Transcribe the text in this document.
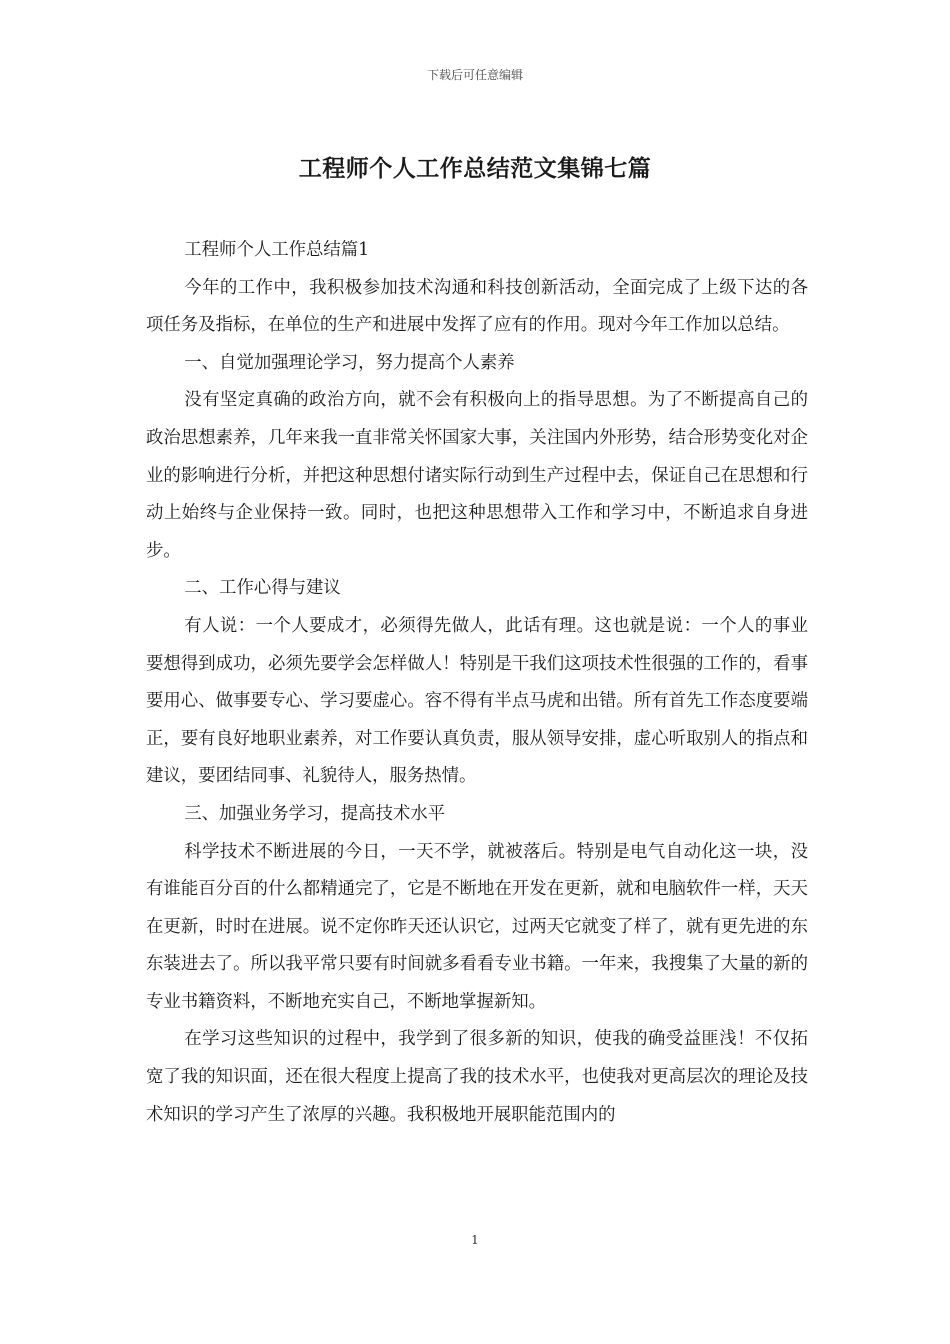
下载后可任意编辑
工程师个人工作总结范文集锦七篇

工程师个人工作总结篇1

今年的工作中，我积极参加技术沟通和科技创新活动，全面完成了上级下达的各项任务及指标，在单位的生产和进展中发挥了应有的作用。现对今年工作加以总结。

一、自觉加强理论学习，努力提高个人素养

没有坚定真确的政治方向，就不会有积极向上的指导思想。为了不断提高自己的政治思想素养，几年来我一直非常关怀国家大事，关注国内外形势，结合形势变化对企业的影响进行分析，并把这种思想付诸实际行动到生产过程中去，保证自己在思想和行动上始终与企业保持一致。同时，也把这种思想带入工作和学习中，不断追求自身进步。

二、工作心得与建议

有人说：一个人要成才，必须得先做人，此话有理。这也就是说：一个人的事业要想得到成功，必须先要学会怎样做人！特别是干我们这项技术性很强的工作的，看事要用心、做事要专心、学习要虚心。容不得有半点马虎和出错。所有首先工作态度要端正，要有良好地职业素养，对工作要认真负责，服从领导安排，虚心听取别人的指点和建议，要团结同事、礼貌待人，服务热情。

三、加强业务学习，提高技术水平

科学技术不断进展的今日，一天不学，就被落后。特别是电气自动化这一块，没有谁能百分百的什么都精通完了，它是不断地在开发在更新，就和电脑软件一样，天天在更新，时时在进展。说不定你昨天还认识它，过两天它就变了样了，就有更先进的东东装进去了。所以我平常只要有时间就多看看专业书籍。一年来，我搜集了大量的新的专业书籍资料，不断地充实自己，不断地掌握新知。

在学习这些知识的过程中，我学到了很多新的知识，使我的确受益匪浅！不仅拓宽了我的知识面，还在很大程度上提高了我的技术水平，也使我对更高层次的理论及技术知识的学习产生了浓厚的兴趣。我积极地开展职能范围内的

1
